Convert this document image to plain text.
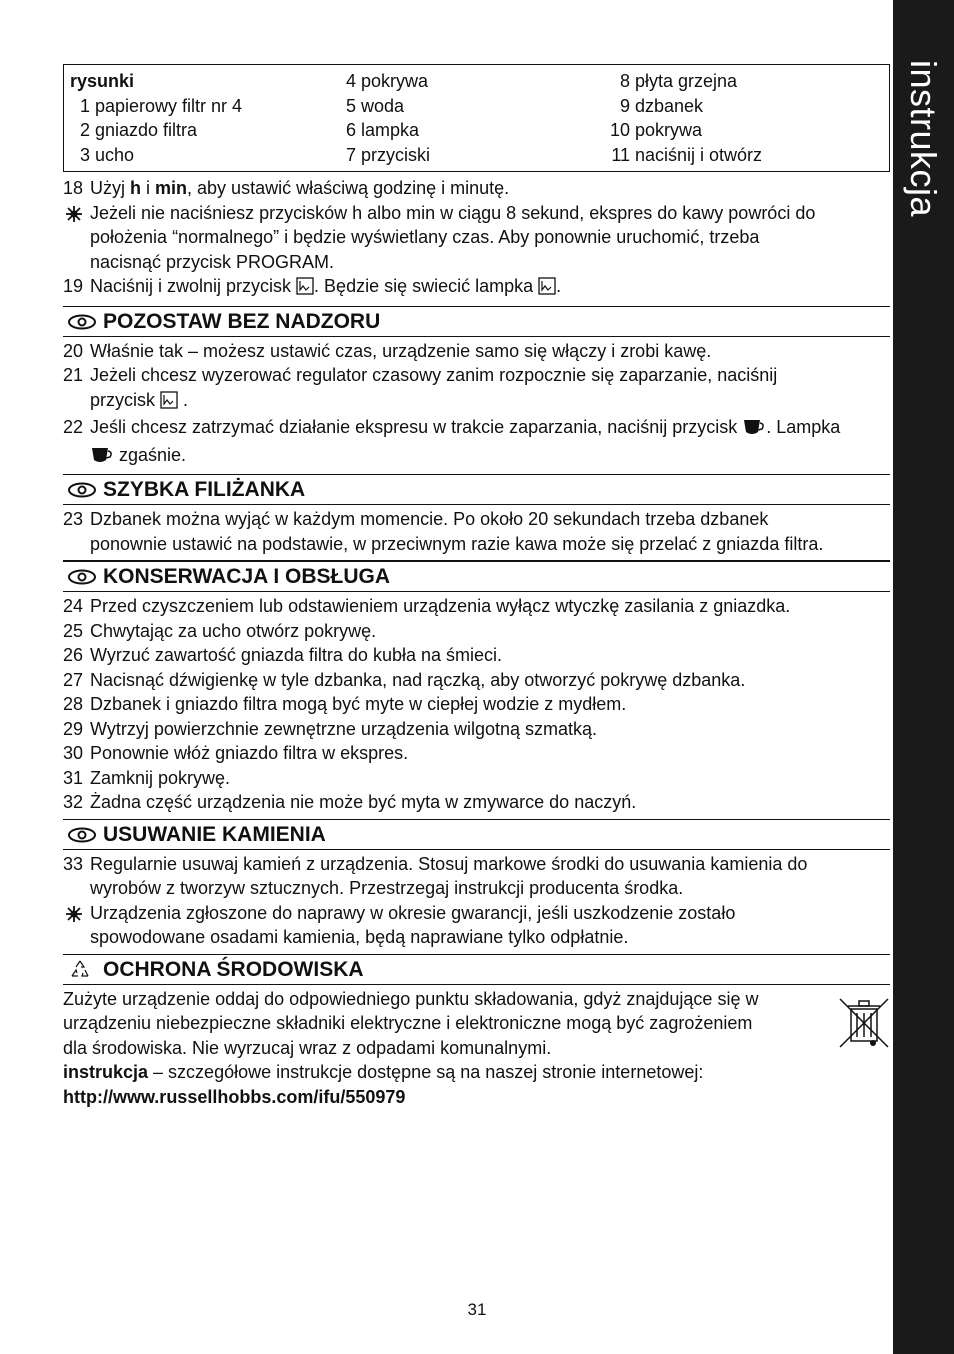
instrukcja
rysunki
1 papierowy filtr nr 4
2 gniazdo filtra
3 ucho
4 pokrywa
5 woda
6 lampka
7 przyciski
8 płyta grzejna
9 dzbanek
10 pokrywa
11 naciśnij i otwórz
18 Użyj h i min, aby ustawić właściwą godzinę i minutę.
Jeżeli nie naciśniesz przycisków h albo min w ciągu 8 sekund, ekspres do kawy powróci do
położenia “normalnego” i będzie wyświetlany czas. Aby ponownie uruchomić, trzeba
nacisnąć przycisk PROGRAM.
19 Naciśnij i zwolnij przycisk . Będzie się swiecić lampka .
POZOSTAW BEZ NADZORU
20 Właśnie tak – możesz ustawić czas, urządzenie samo się włączy i zrobi kawę.
21 Jeżeli chcesz wyzerować regulator czasowy zanim rozpocznie się zaparzanie, naciśnij
przycisk  .
22 Jeśli chcesz zatrzymać działanie ekspresu w trakcie zaparzania, naciśnij przycisk . Lampka
zgaśnie.
SZYBKA FILIŻANKA
23 Dzbanek można wyjąć w każdym momencie. Po około 20 sekundach trzeba dzbanek
ponownie ustawić na podstawie, w przeciwnym razie kawa może się przelać z gniazda filtra.
KONSERWACJA I OBSŁUGA
24 Przed czyszczeniem lub odstawieniem urządzenia wyłącz wtyczkę zasilania z gniazdka.
25 Chwytając za ucho otwórz pokrywę.
26 Wyrzuć zawartość gniazda filtra do kubła na śmieci.
27 Nacisnąć dźwigienkę w tyle dzbanka, nad rączką, aby otworzyć pokrywę dzbanka.
28 Dzbanek i gniazdo filtra mogą być myte w ciepłej wodzie z mydłem.
29 Wytrzyj powierzchnie zewnętrzne urządzenia wilgotną szmatką.
30 Ponownie włóż gniazdo filtra w ekspres.
31 Zamknij pokrywę.
32 Żadna część urządzenia nie może być myta w zmywarce do naczyń.
USUWANIE KAMIENIA
33 Regularnie usuwaj kamień z urządzenia. Stosuj markowe środki do usuwania kamienia do
wyrobów z tworzyw sztucznych. Przestrzegaj instrukcji producenta środka.
Urządzenia zgłoszone do naprawy w okresie gwarancji, jeśli uszkodzenie zostało
spowodowane osadami kamienia, będą naprawiane tylko odpłatnie.
OCHRONA ŚRODOWISKA
Zużyte urządzenie oddaj do odpowiedniego punktu składowania, gdyż znajdujące się w
urządzeniu niebezpieczne składniki elektryczne i elektroniczne mogą być zagrożeniem
dla środowiska. Nie wyrzucaj wraz z odpadami komunalnymi.
instrukcja – szczegółowe instrukcje dostępne są na naszej stronie internetowej:
http://www.russellhobbs.com/ifu/550979
31
